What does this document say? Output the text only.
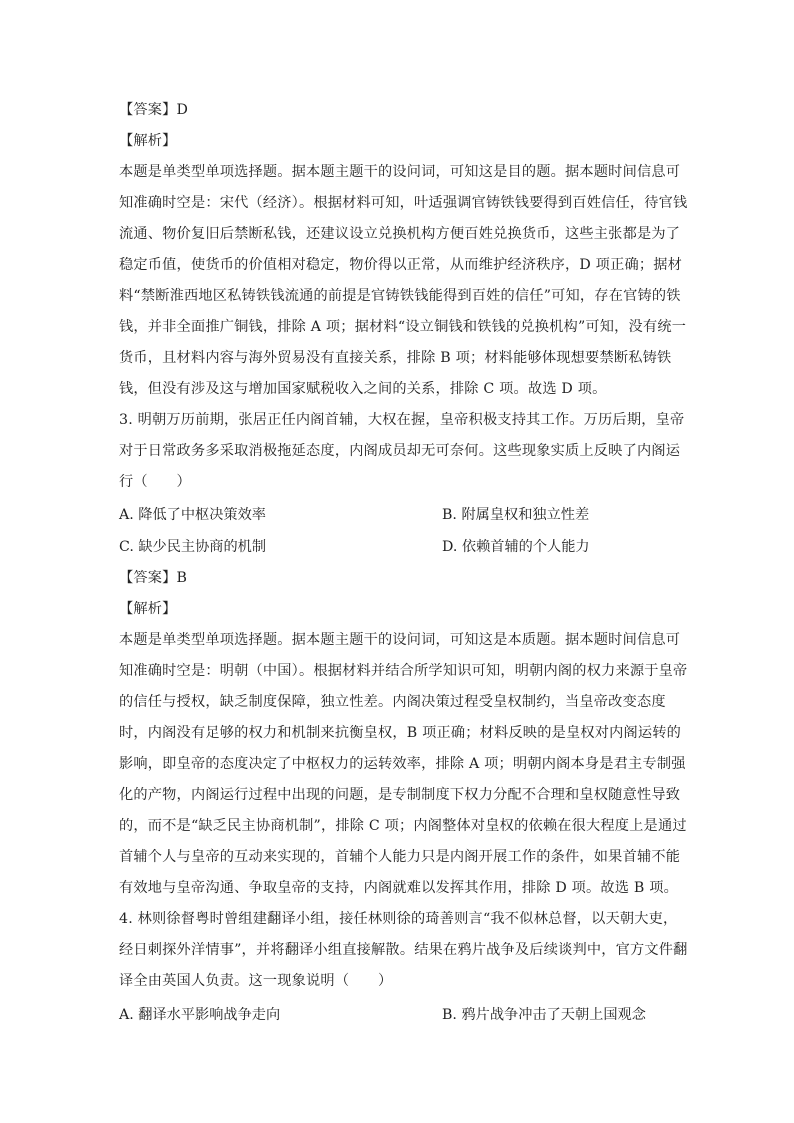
【答案】D
【解析】
本题是单类型单项选择题。据本题主题干的设问词，可知这是目的题。据本题时间信息可
知准确时空是：宋代（经济）。根据材料可知，叶适强调官铸铁钱要得到百姓信任，待官钱
流通、物价复旧后禁断私钱，还建议设立兑换机构方便百姓兑换货币，这些主张都是为了
稳定币值，使货币的价值相对稳定，物价得以正常，从而维护经济秩序，D 项正确；据材
料“禁断淮西地区私铸铁钱流通的前提是官铸铁钱能得到百姓的信任”可知，存在官铸的铁
钱，并非全面推广铜钱，排除 A 项；据材料“设立铜钱和铁钱的兑换机构”可知，没有统一
货币，且材料内容与海外贸易没有直接关系，排除 B 项；材料能够体现想要禁断私铸铁
钱，但没有涉及这与增加国家赋税收入之间的关系，排除 C 项。故选 D 项。
3. 明朝万历前期，张居正任内阁首辅，大权在握，皇帝积极支持其工作。万历后期，皇帝
对于日常政务多采取消极拖延态度，内阁成员却无可奈何。这些现象实质上反映了内阁运
行（　　）
A. 降低了中枢决策效率	B. 附属皇权和独立性差
C. 缺少民主协商的机制	D. 依赖首辅的个人能力
【答案】B
【解析】
本题是单类型单项选择题。据本题主题干的设问词，可知这是本质题。据本题时间信息可
知准确时空是：明朝（中国）。根据材料并结合所学知识可知，明朝内阁的权力来源于皇帝
的信任与授权，缺乏制度保障，独立性差。内阁决策过程受皇权制约，当皇帝改变态度
时，内阁没有足够的权力和机制来抗衡皇权，B 项正确；材料反映的是皇权对内阁运转的
影响，即皇帝的态度决定了中枢权力的运转效率，排除 A 项；明朝内阁本身是君主专制强
化的产物，内阁运行过程中出现的问题，是专制制度下权力分配不合理和皇权随意性导致
的，而不是“缺乏民主协商机制”，排除 C 项；内阁整体对皇权的依赖在很大程度上是通过
首辅个人与皇帝的互动来实现的，首辅个人能力只是内阁开展工作的条件，如果首辅不能
有效地与皇帝沟通、争取皇帝的支持，内阁就难以发挥其作用，排除 D 项。故选 B 项。
4. 林则徐督粤时曾组建翻译小组，接任林则徐的琦善则言“我不似林总督，以天朝大吏，
经日刺探外洋情事”，并将翻译小组直接解散。结果在鸦片战争及后续谈判中，官方文件翻
译全由英国人负责。这一现象说明（　　）
A. 翻译水平影响战争走向	B. 鸦片战争冲击了天朝上国观念
